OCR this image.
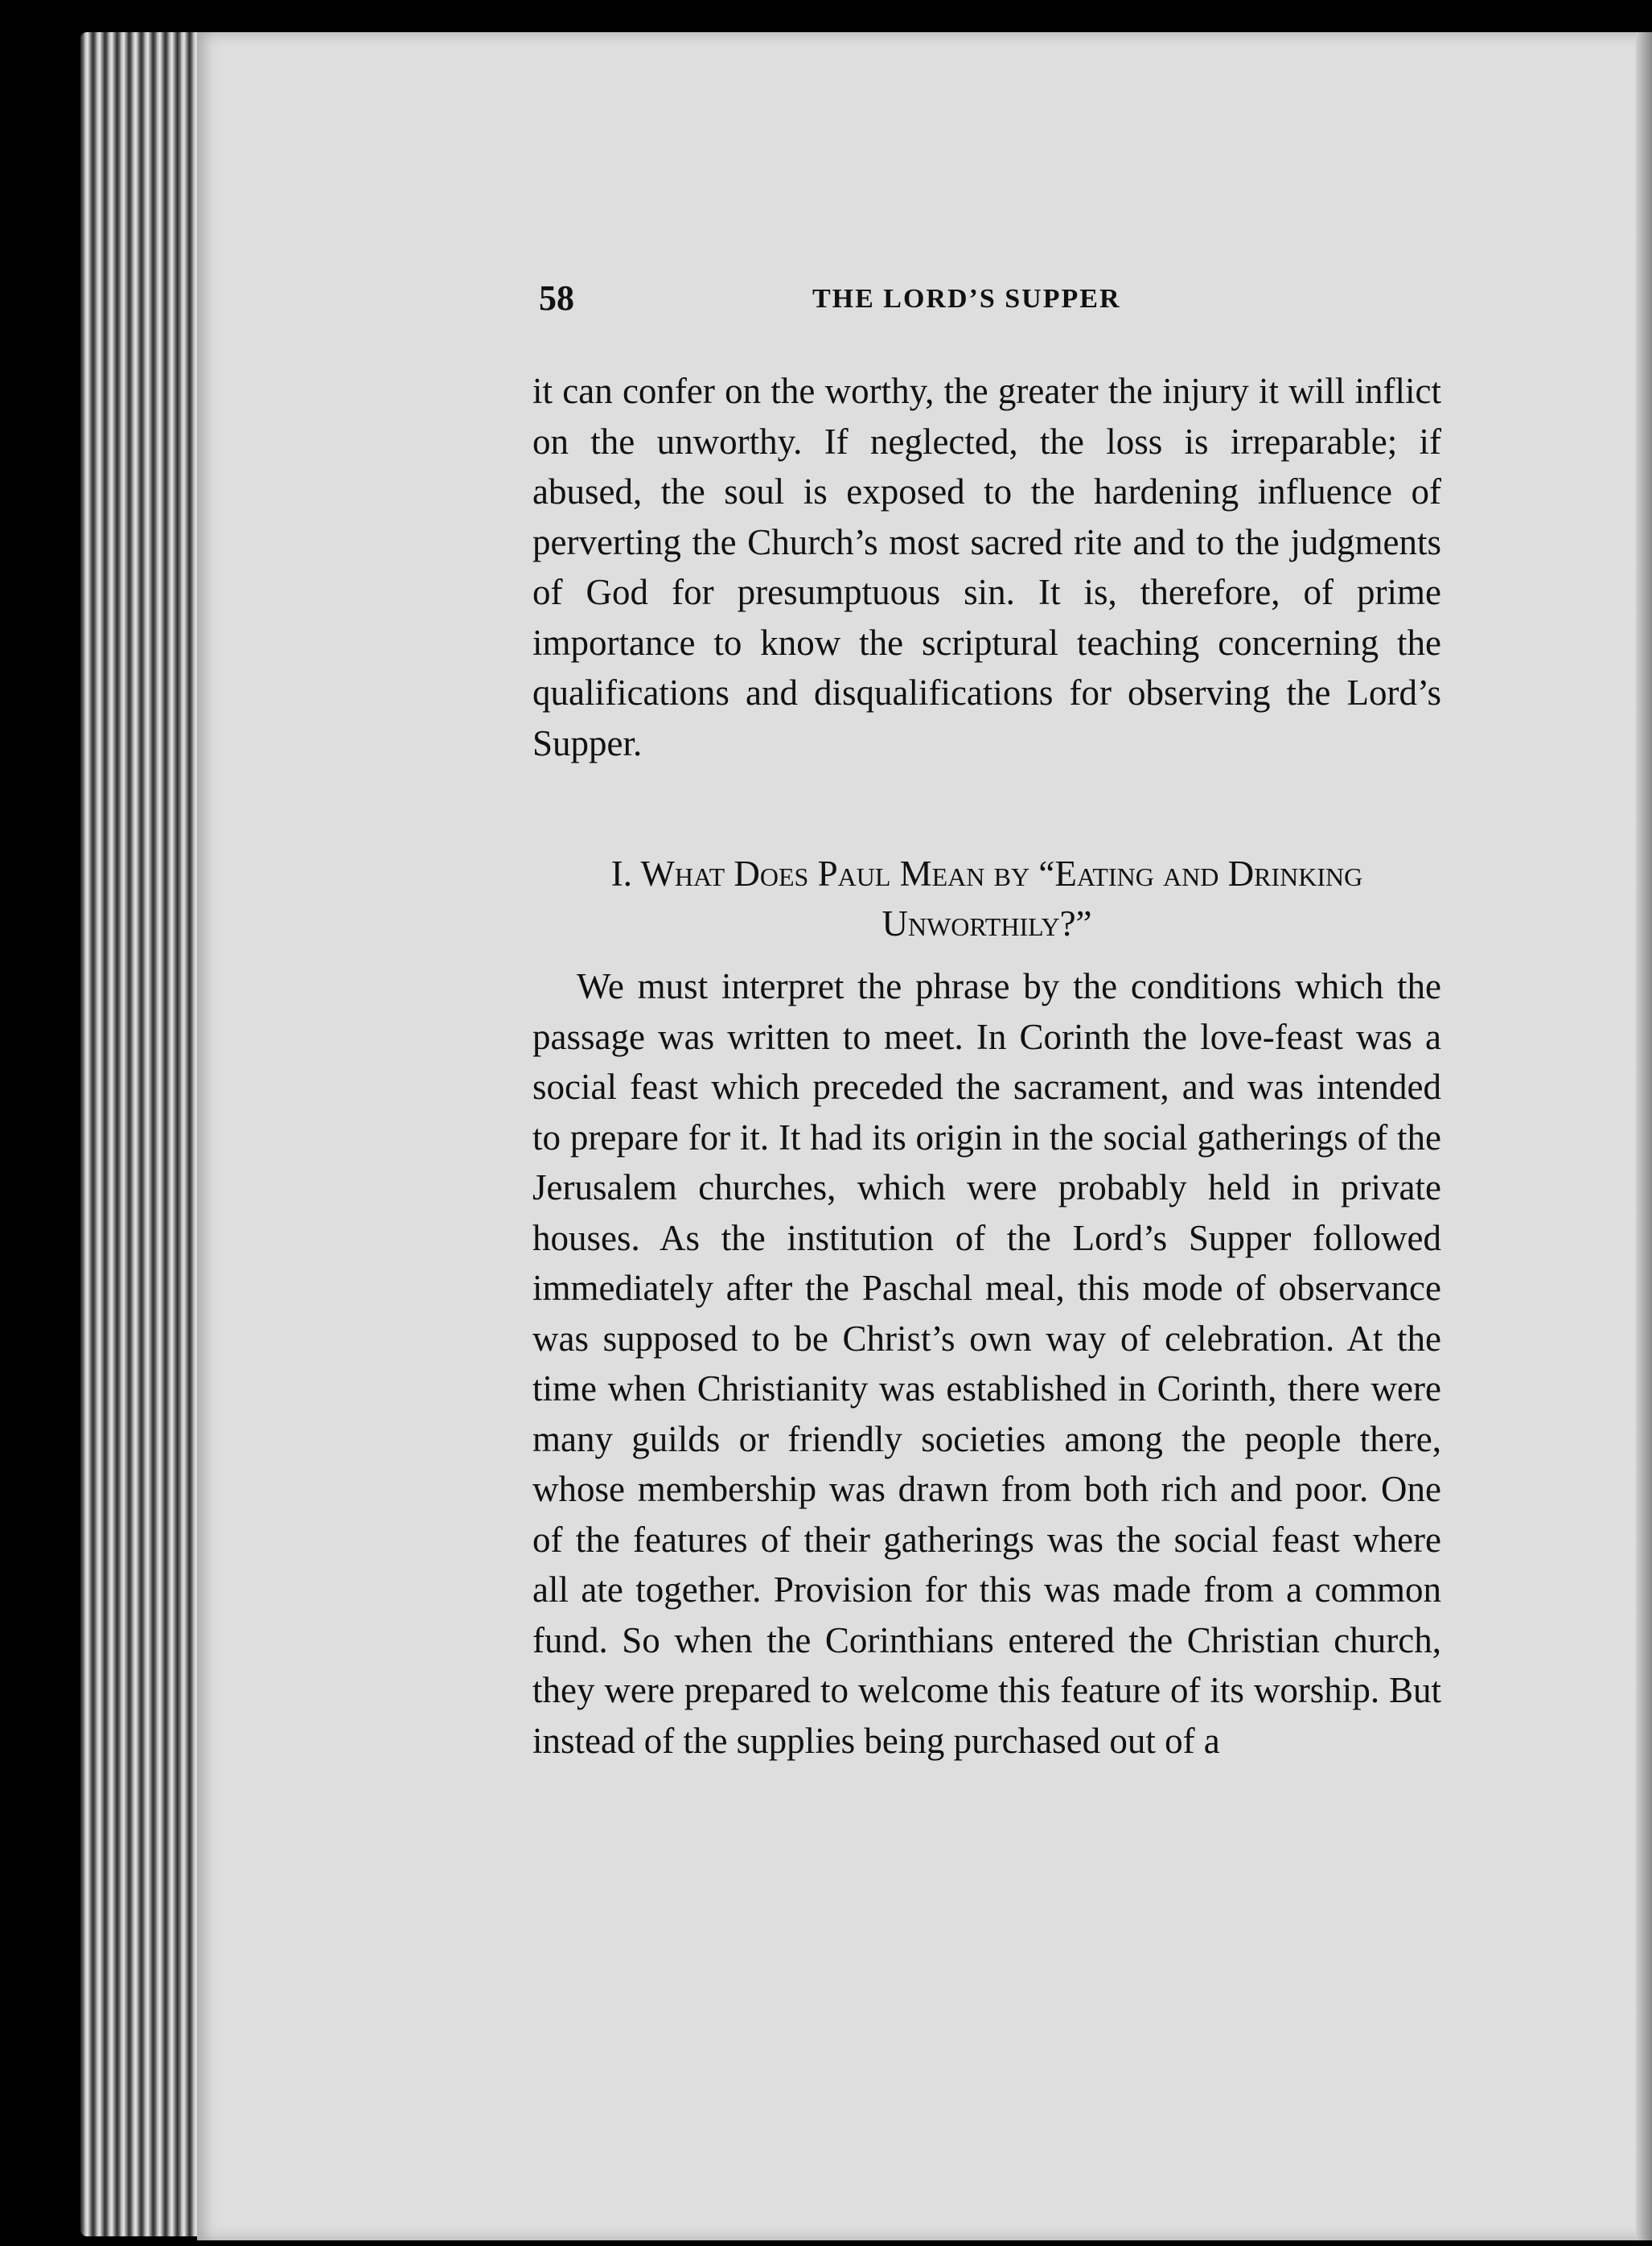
58	THE LORD’S SUPPER

it can confer on the worthy, the greater the injury it will inflict on the unworthy. If neglected, the loss is irreparable; if abused, the soul is exposed to the hardening influence of perverting the Church’s most sacred rite and to the judgments of God for presumptuous sin. It is, therefore, of prime importance to know the scriptural teaching concerning the qualifications and disqualifications for observing the Lord’s Supper.

I. What Does Paul Mean by “Eating and Drinking Unworthily?”

We must interpret the phrase by the conditions which the passage was written to meet. In Corinth the love-feast was a social feast which preceded the sacrament, and was intended to prepare for it. It had its origin in the social gatherings of the Jerusalem churches, which were probably held in private houses. As the institution of the Lord’s Supper followed immediately after the Paschal meal, this mode of observance was supposed to be Christ’s own way of celebration. At the time when Christianity was established in Corinth, there were many guilds or friendly societies among the people there, whose membership was drawn from both rich and poor. One of the features of their gatherings was the social feast where all ate together. Provision for this was made from a common fund. So when the Corinthians entered the Christian church, they were prepared to welcome this feature of its worship. But instead of the supplies being purchased out of a
